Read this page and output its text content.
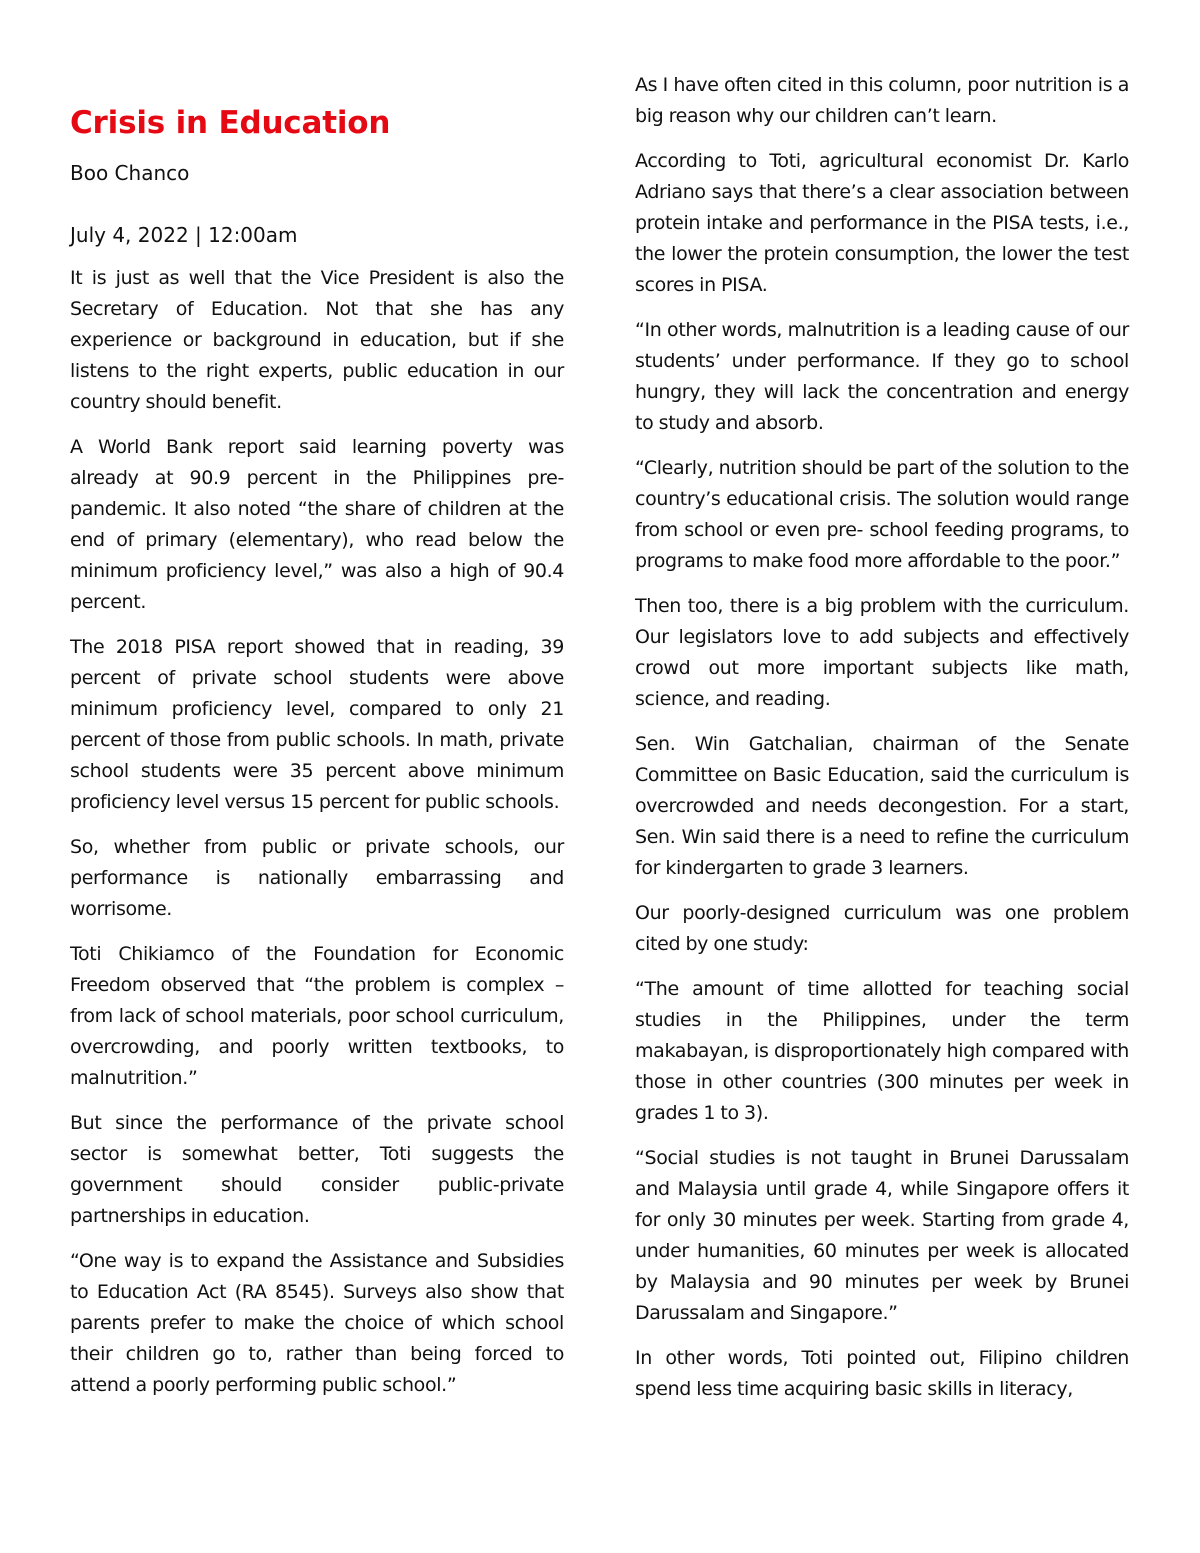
Crisis in Education

Boo Chanco

July 4, 2022 | 12:00am

It is just as well that the Vice President is also the Secretary of Education. Not that she has any experience or background in education, but if she listens to the right experts, public education in our country should benefit.

A World Bank report said learning poverty was already at 90.9 percent in the Philippines pre-pandemic. It also noted “the share of children at the end of primary (elementary), who read below the minimum proficiency level,” was also a high of 90.4 percent.

The 2018 PISA report showed that in reading, 39 percent of private school students were above minimum proficiency level, compared to only 21 percent of those from public schools. In math, private school students were 35 percent above minimum proficiency level versus 15 percent for public schools.

So, whether from public or private schools, our performance is nationally embarrassing and worrisome.

Toti Chikiamco of the Foundation for Economic Freedom observed that “the problem is complex – from lack of school materials, poor school curriculum, overcrowding, and poorly written textbooks, to malnutrition.”

But since the performance of the private school sector is somewhat better, Toti suggests the government should consider public-private partnerships in education.

“One way is to expand the Assistance and Subsidies to Education Act (RA 8545). Surveys also show that parents prefer to make the choice of which school their children go to, rather than being forced to attend a poorly performing public school.”

As I have often cited in this column, poor nutrition is a big reason why our children can’t learn.

According to Toti, agricultural economist Dr. Karlo Adriano says that there’s a clear association between protein intake and performance in the PISA tests, i.e., the lower the protein consumption, the lower the test scores in PISA.

“In other words, malnutrition is a leading cause of our students’ under performance. If they go to school hungry, they will lack the concentration and energy to study and absorb.

“Clearly, nutrition should be part of the solution to the country’s educational crisis. The solution would range from school or even pre- school feeding programs, to programs to make food more affordable to the poor.”

Then too, there is a big problem with the curriculum. Our legislators love to add subjects and effectively crowd out more important subjects like math, science, and reading.

Sen. Win Gatchalian, chairman of the Senate Committee on Basic Education, said the curriculum is overcrowded and needs decongestion. For a start, Sen. Win said there is a need to refine the curriculum for kindergarten to grade 3 learners.

Our poorly-designed curriculum was one problem cited by one study:

“The amount of time allotted for teaching social studies in the Philippines, under the term makabayan, is disproportionately high compared with those in other countries (300 minutes per week in grades 1 to 3).

“Social studies is not taught in Brunei Darussalam and Malaysia until grade 4, while Singapore offers it for only 30 minutes per week. Starting from grade 4, under humanities, 60 minutes per week is allocated by Malaysia and 90 minutes per week by Brunei Darussalam and Singapore.”

In other words, Toti pointed out, Filipino children spend less time acquiring basic skills in literacy,
